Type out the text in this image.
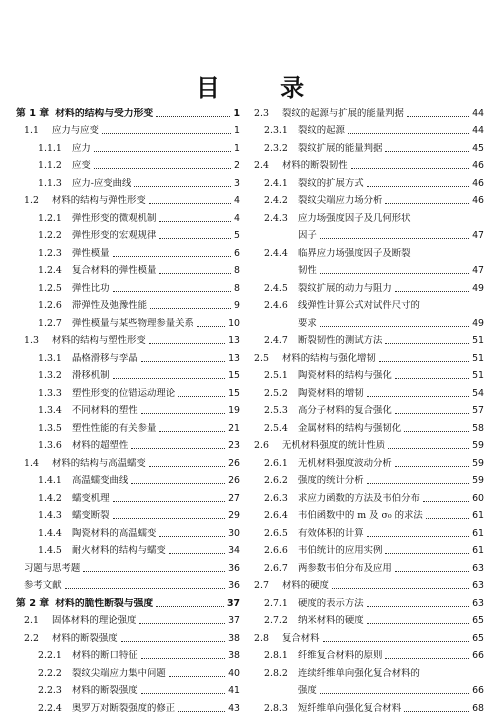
目 录
第 1 章 材料的结构与受力形变	1
1.1	应力与应变	1
1.1.1	应力	1
1.1.2	应变	2
1.1.3	应力-应变曲线	3
1.2	材料的结构与弹性形变	4
1.2.1	弹性形变的微观机制	4
1.2.2	弹性形变的宏观规律	5
1.2.3	弹性模量	6
1.2.4	复合材料的弹性模量	8
1.2.5	弹性比功	8
1.2.6	滞弹性及弛豫性能	9
1.2.7	弹性模量与某些物理参量关系	10
1.3	材料的结构与塑性形变	13
1.3.1	晶格滑移与孪晶	13
1.3.2	滑移机制	15
1.3.3	塑性形变的位错运动理论	15
1.3.4	不同材料的塑性	19
1.3.5	塑性性能的有关参量	21
1.3.6	材料的超塑性	23
1.4	材料的结构与高温蠕变	26
1.4.1	高温蠕变曲线	26
1.4.2	蠕变机理	27
1.4.3	蠕变断裂	29
1.4.4	陶瓷材料的高温蠕变	30
1.4.5	耐火材料的结构与蠕变	34
习题与思考题	36
参考文献	36
第 2 章 材料的脆性断裂与强度	37
2.1	固体材料的理论强度	37
2.2	材料的断裂强度	38
2.2.1	材料的断口特征	38
2.2.2	裂纹尖端应力集中问题	40
2.2.3	材料的断裂强度	41
2.2.4	奥罗万对断裂强度的修正	43
2.3	裂纹的起源与扩展的能量判据	44
2.3.1	裂纹的起源	44
2.3.2	裂纹扩展的能量判据	45
2.4	材料的断裂韧性	46
2.4.1	裂纹的扩展方式	46
2.4.2	裂纹尖端应力场分析	46
2.4.3	应力场强度因子及几何形状
因子	47
2.4.4	临界应力场强度因子及断裂
韧性	47
2.4.5	裂纹扩展的动力与阻力	49
2.4.6	线弹性计算公式对试件尺寸的
要求	49
2.4.7	断裂韧性的测试方法	51
2.5	材料的结构与强化增韧	51
2.5.1	陶瓷材料的结构与强化	51
2.5.2	陶瓷材料的增韧	54
2.5.3	高分子材料的复合强化	57
2.5.4	金属材料的结构与强韧化	58
2.6	无机材料强度的统计性质	59
2.6.1	无机材料强度波动分析	59
2.6.2	强度的统计分析	59
2.6.3	求应力函数的方法及韦伯分布	60
2.6.4	韦伯函数中的 m 及 σ₀ 的求法	61
2.6.5	有效体积的计算	61
2.6.6	韦伯统计的应用实例	61
2.6.7	两参数韦伯分布及应用	63
2.7	材料的硬度	63
2.7.1	硬度的表示方法	63
2.7.2	纳米材料的硬度	65
2.8	复合材料	65
2.8.1	纤维复合材料的原则	66
2.8.2	连续纤维单向强化复合材料的
强度	66
2.8.3	短纤维单向强化复合材料	68
